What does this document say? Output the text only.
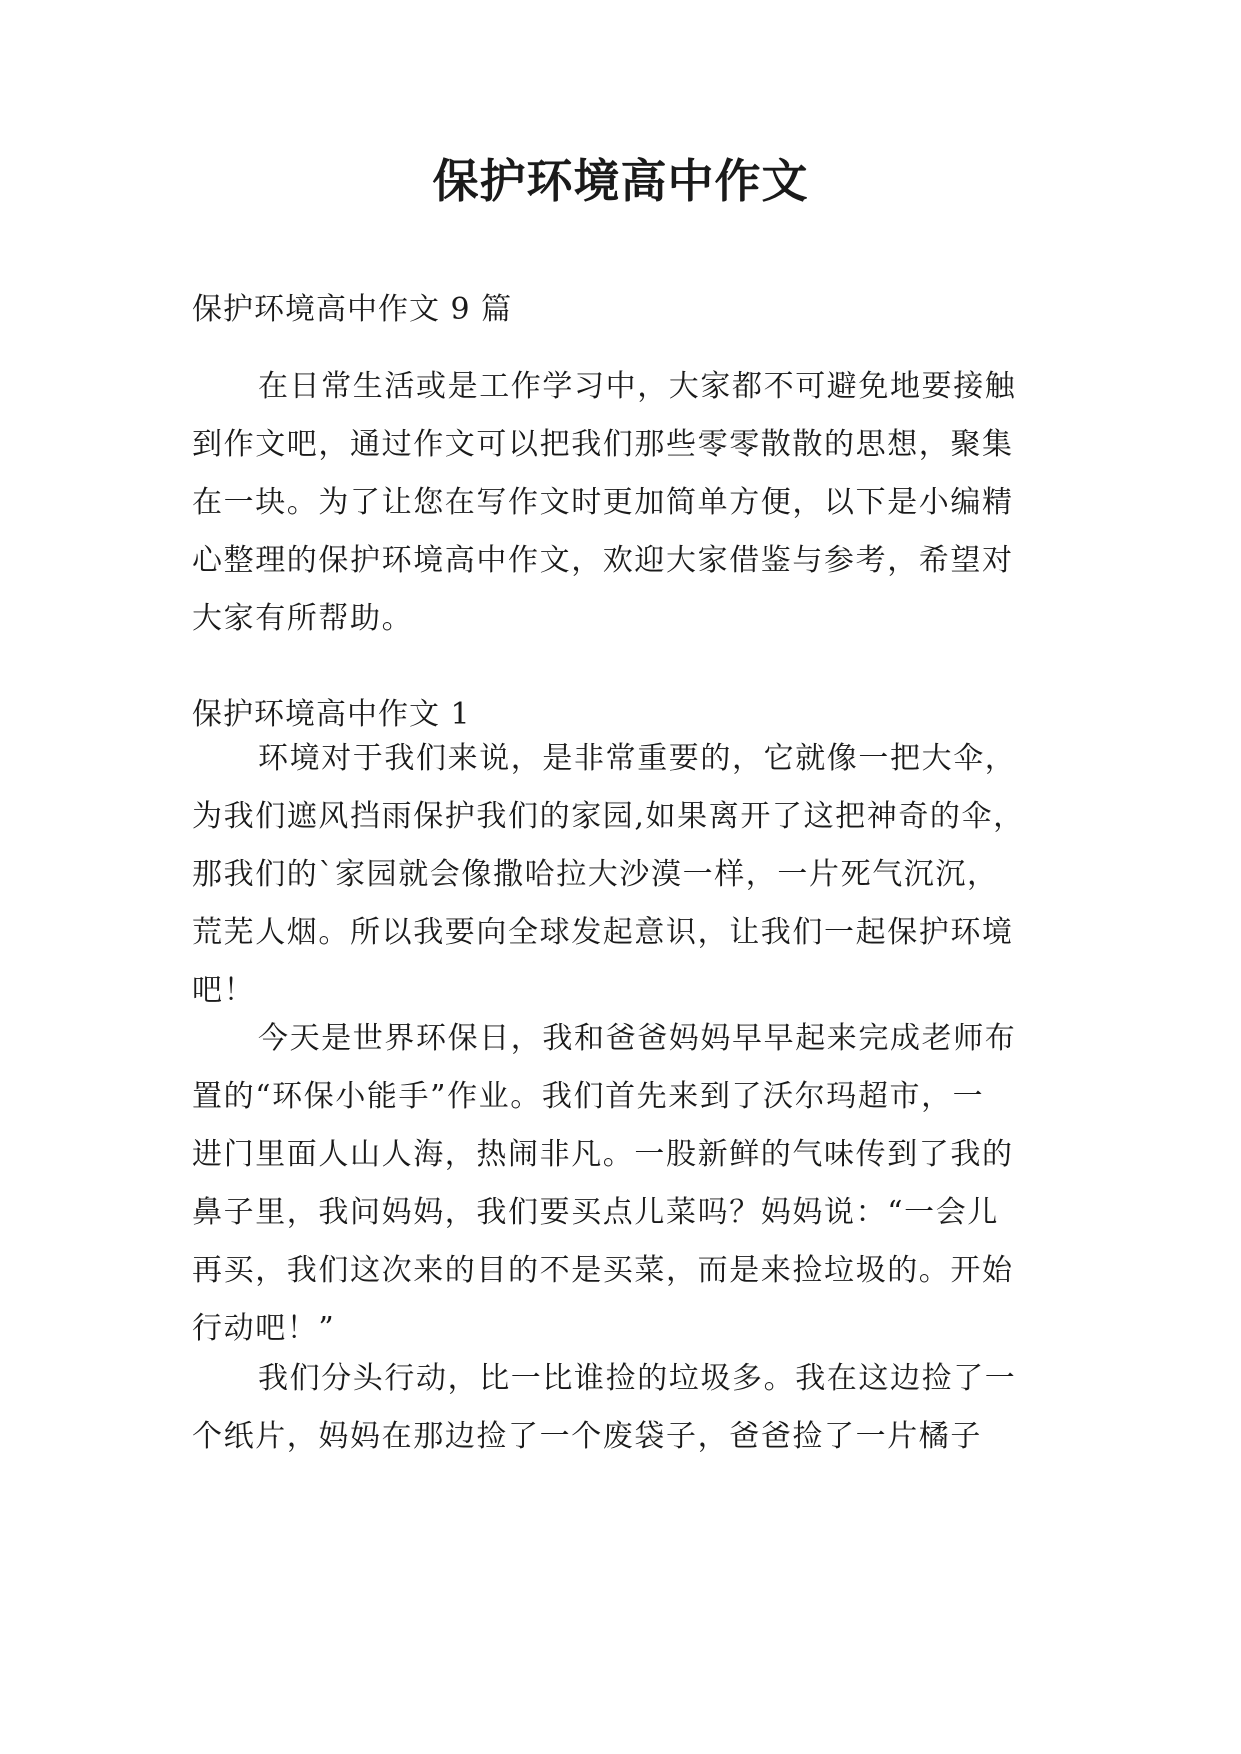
保护环境高中作文
保护环境高中作文 9 篇
在日常生活或是工作学习中，大家都不可避免地要接触
到作文吧，通过作文可以把我们那些零零散散的思想，聚集
在一块。为了让您在写作文时更加简单方便，以下是小编精
心整理的保护环境高中作文，欢迎大家借鉴与参考，希望对
大家有所帮助。
保护环境高中作文 1
环境对于我们来说，是非常重要的，它就像一把大伞，
为我们遮风挡雨保护我们的家园,如果离开了这把神奇的伞，
那我们的`家园就会像撒哈拉大沙漠一样，一片死气沉沉，
荒芜人烟。所以我要向全球发起意识，让我们一起保护环境
吧！
今天是世界环保日，我和爸爸妈妈早早起来完成老师布
置的“环保小能手”作业。我们首先来到了沃尔玛超市，一
进门里面人山人海，热闹非凡。一股新鲜的气味传到了我的
鼻子里，我问妈妈，我们要买点儿菜吗？妈妈说：“一会儿
再买，我们这次来的目的不是买菜，而是来捡垃圾的。开始
行动吧！”
我们分头行动，比一比谁捡的垃圾多。我在这边捡了一
个纸片，妈妈在那边捡了一个废袋子，爸爸捡了一片橘子
